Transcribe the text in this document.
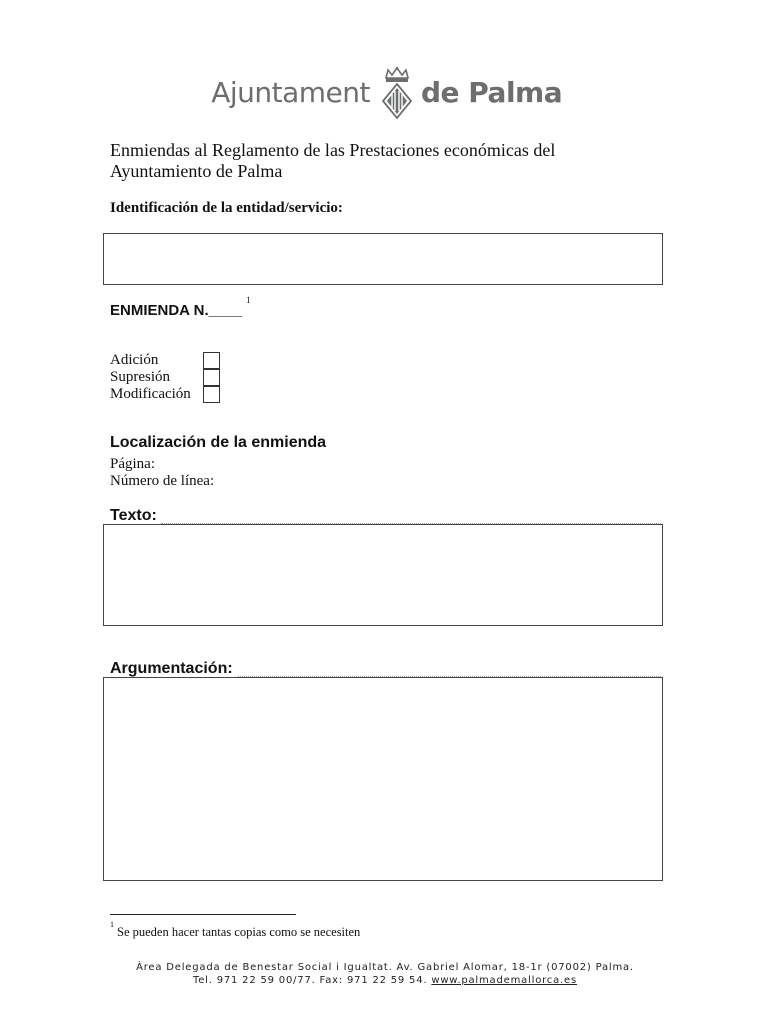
Ajuntament de Palma
Enmiendas al Reglamento de las Prestaciones económicas del
Ayuntamiento de Palma
Identificación de la entidad/servicio:
ENMIENDA N.____$^1$
Adición
Supresión
Modificación
Localización de la enmienda
Página:
Número de línea:
Texto:
Argumentación:
$^1$Se pueden hacer tantas copias como se necesiten
Àrea Delegada de Benestar Social i Igualtat. Av. Gabriel Alomar, 18-1r (07002) Palma.
Tel. 971 22 59 00/77. Fax: 971 22 59 54. www.palmademallorca.es
